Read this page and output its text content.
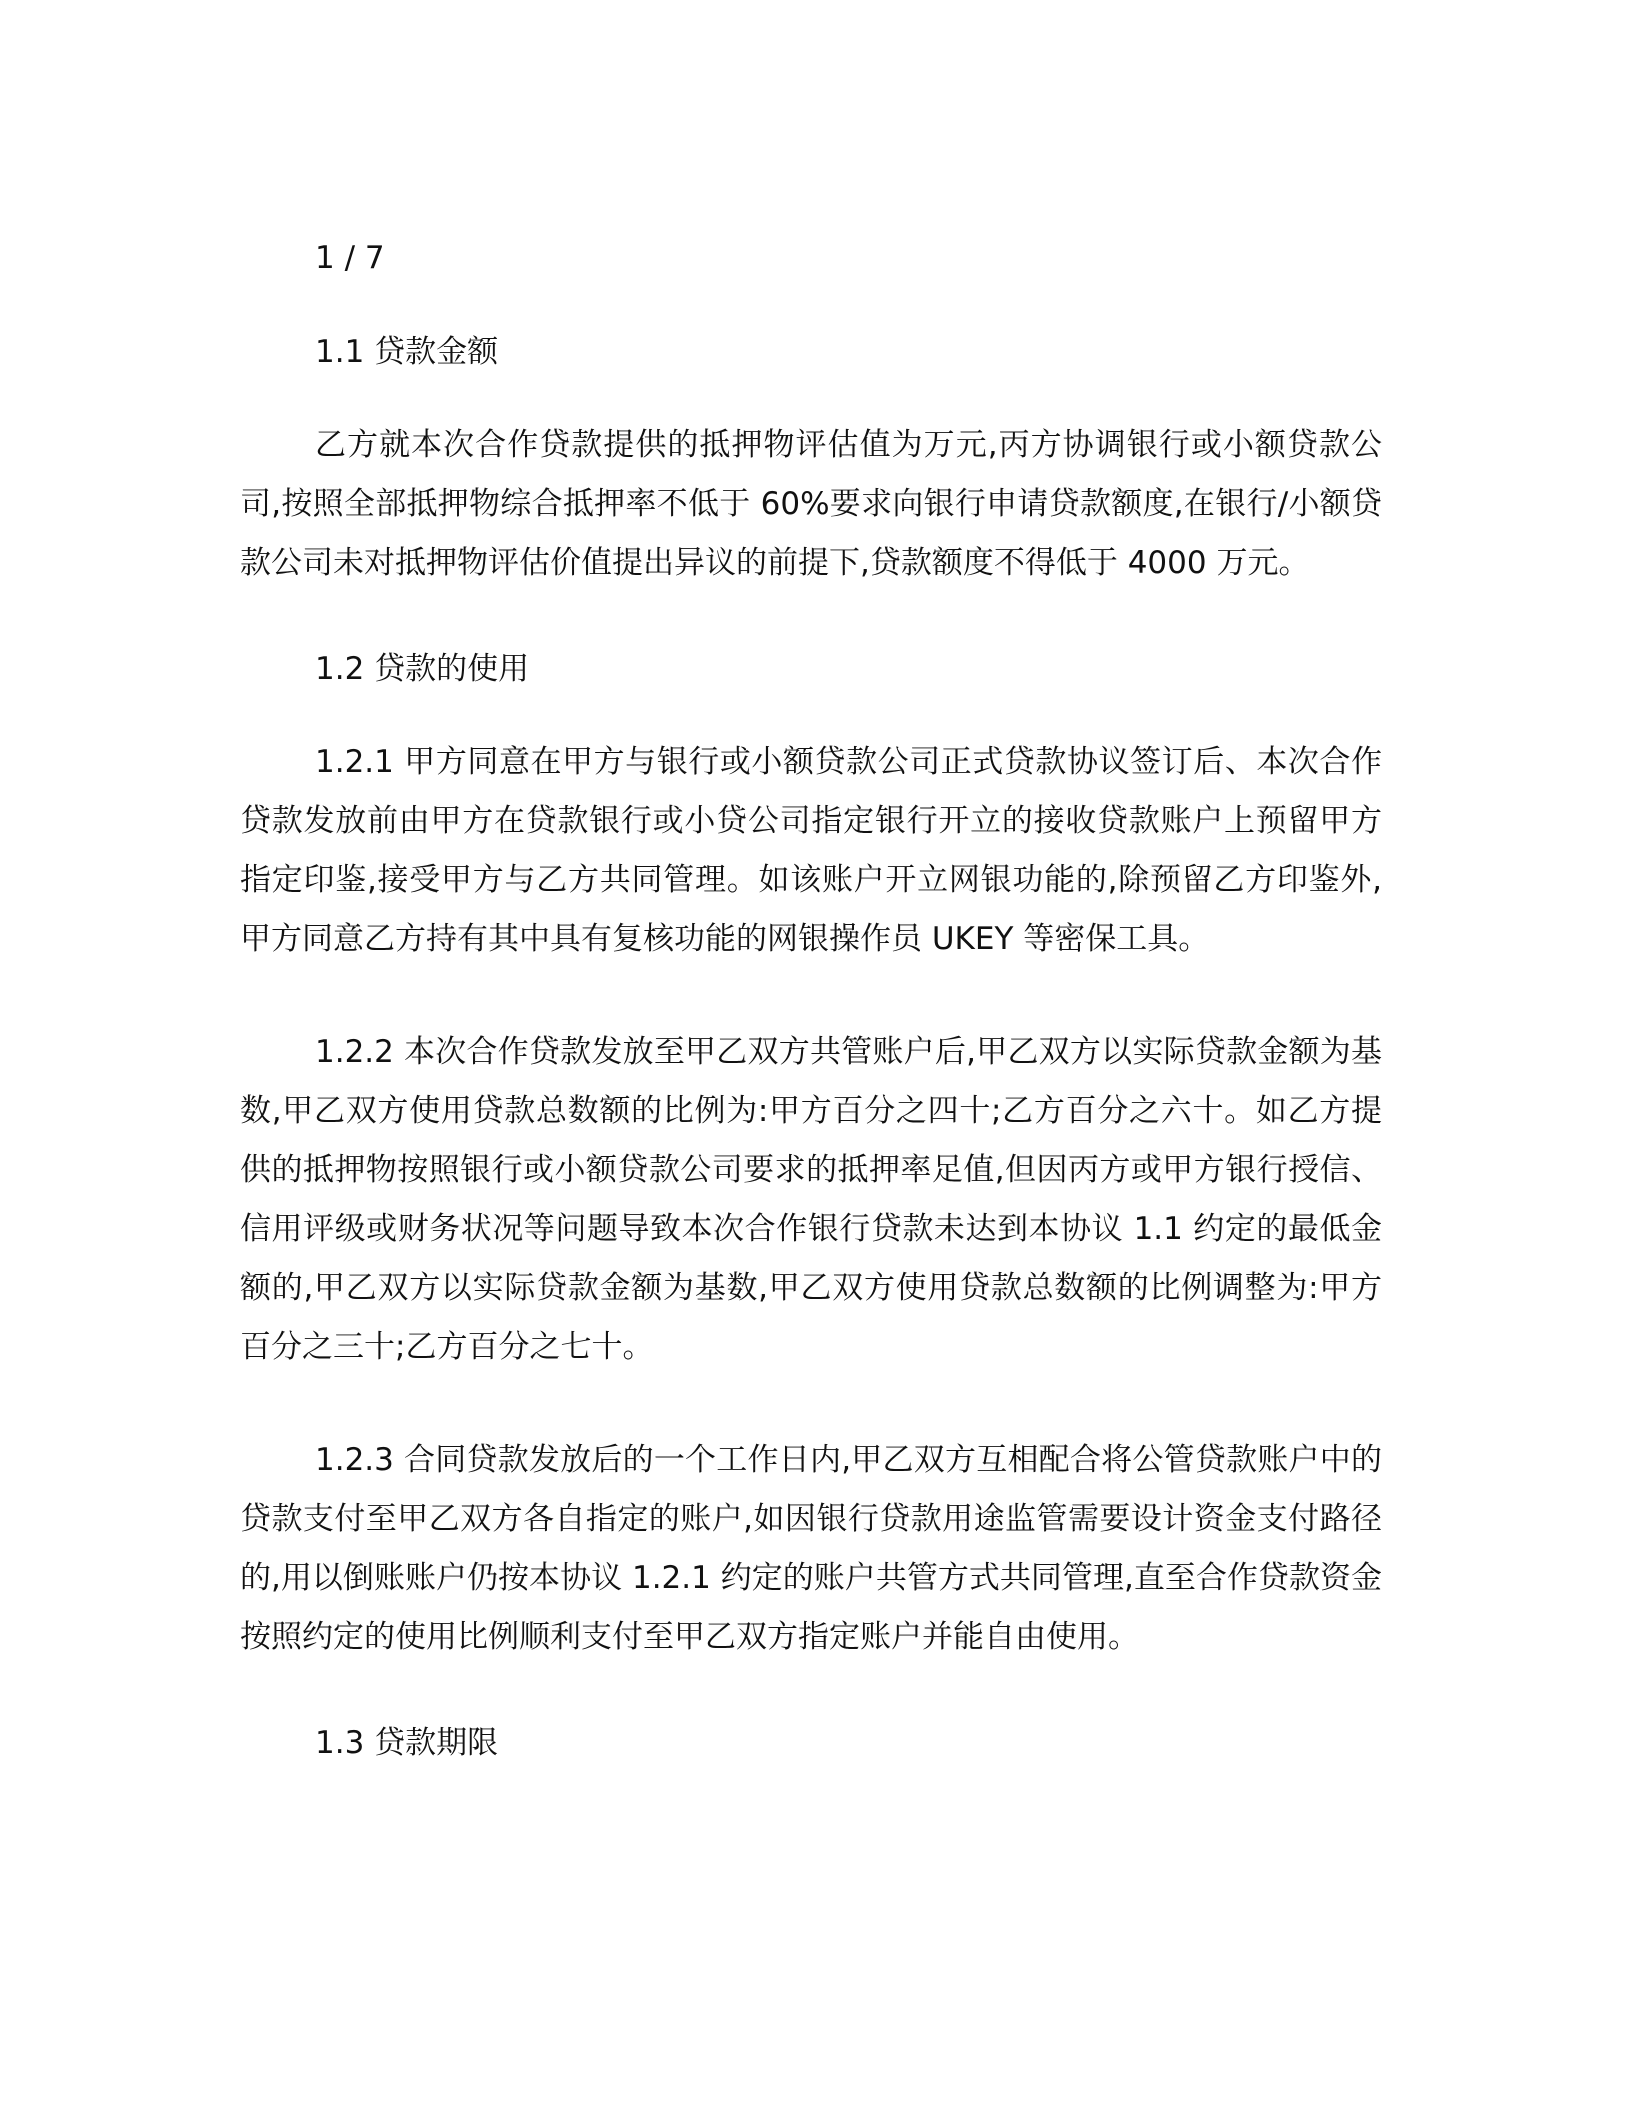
1 / 7
1.1 贷款金额

乙方就本次合作贷款提供的抵押物评估值为万元,丙方协调银行或小额贷款公司,按照全部抵押物综合抵押率不低于 60%要求向银行申请贷款额度,在银行/小额贷款公司未对抵押物评估价值提出异议的前提下,贷款额度不得低于 4000 万元。

1.2 贷款的使用

1.2.1 甲方同意在甲方与银行或小额贷款公司正式贷款协议签订后、本次合作贷款发放前由甲方在贷款银行或小贷公司指定银行开立的接收贷款账户上预留甲方指定印鉴,接受甲方与乙方共同管理。如该账户开立网银功能的,除预留乙方印鉴外,甲方同意乙方持有其中具有复核功能的网银操作员 UKEY 等密保工具。

1.2.2 本次合作贷款发放至甲乙双方共管账户后,甲乙双方以实际贷款金额为基数,甲乙双方使用贷款总数额的比例为:甲方百分之四十;乙方百分之六十。如乙方提供的抵押物按照银行或小额贷款公司要求的抵押率足值,但因丙方或甲方银行授信、信用评级或财务状况等问题导致本次合作银行贷款未达到本协议 1.1 约定的最低金额的,甲乙双方以实际贷款金额为基数,甲乙双方使用贷款总数额的比例调整为:甲方百分之三十;乙方百分之七十。

1.2.3 合同贷款发放后的一个工作日内,甲乙双方互相配合将公管贷款账户中的贷款支付至甲乙双方各自指定的账户,如因银行贷款用途监管需要设计资金支付路径的,用以倒账账户仍按本协议 1.2.1 约定的账户共管方式共同管理,直至合作贷款资金按照约定的使用比例顺利支付至甲乙双方指定账户并能自由使用。

1.3 贷款期限
